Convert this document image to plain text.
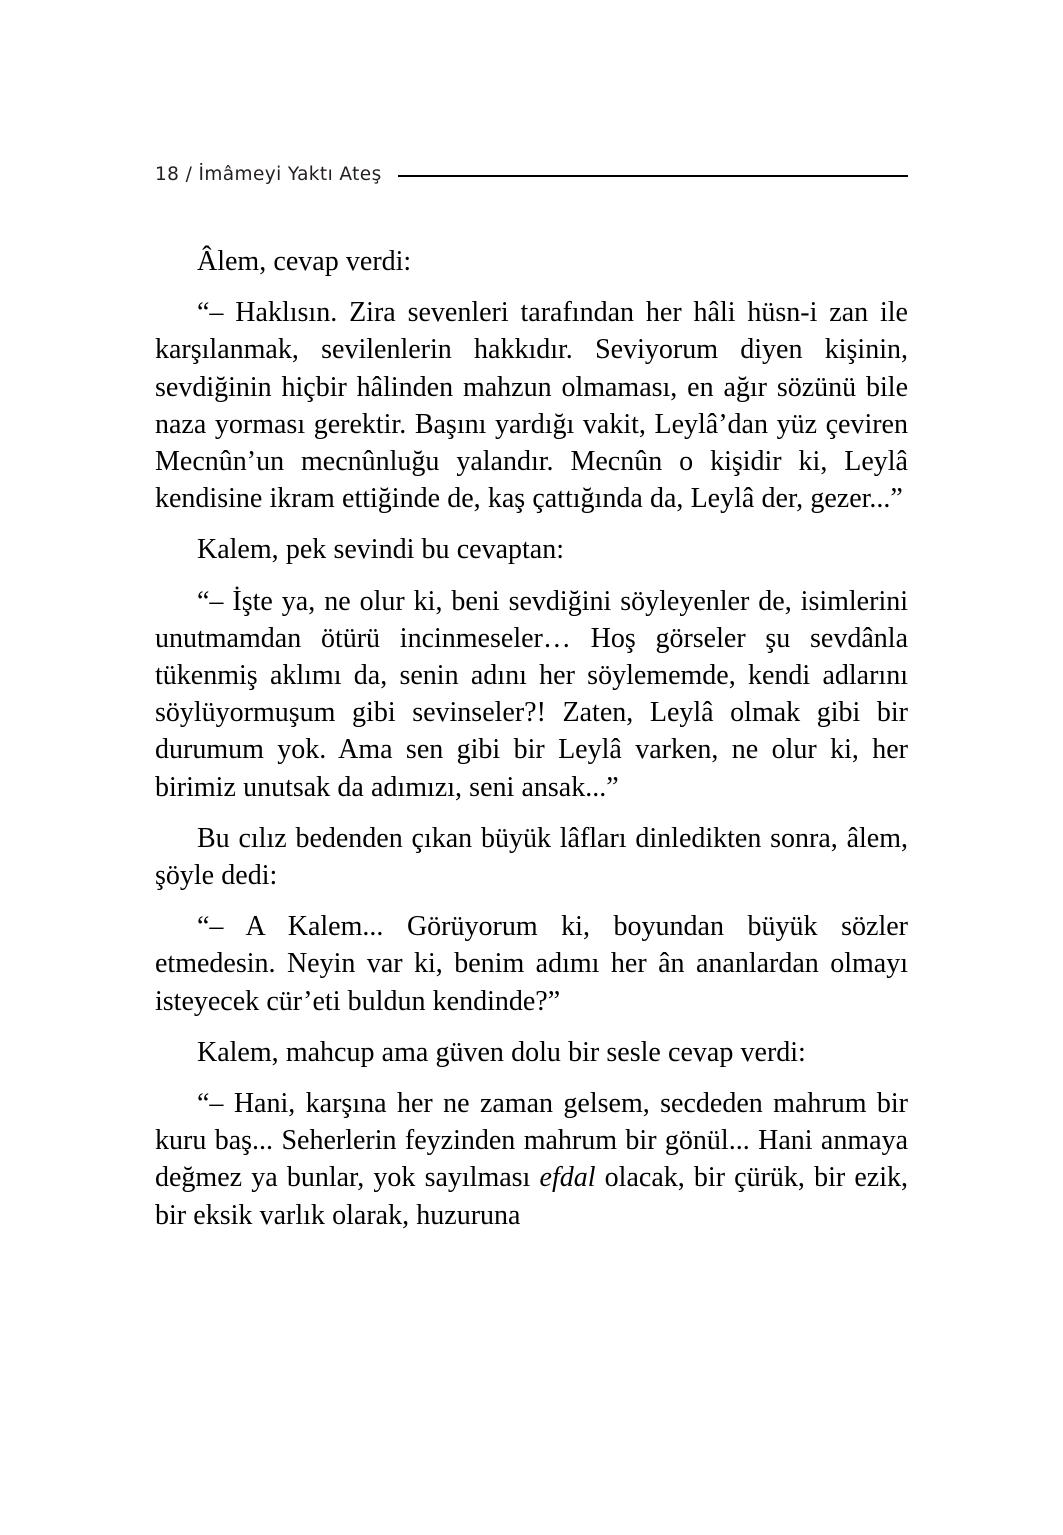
18 / İmâmeyi Yaktı Ateş

Âlem, cevap verdi:

“– Haklısın. Zira sevenleri tarafından her hâli hüsn-i zan ile karşılanmak, sevilenlerin hakkıdır. Seviyorum diyen kişinin, sevdiğinin hiçbir hâlinden mahzun olmaması, en ağır sözünü bile naza yorması gerektir. Başını yardığı vakit, Leylâ’dan yüz çeviren Mecnûn’un mecnûnluğu yalandır. Mecnûn o kişidir ki, Leylâ kendisine ikram ettiğinde de, kaş çattığında da, Leylâ der, gezer...”

Kalem, pek sevindi bu cevaptan:

“– İşte ya, ne olur ki, beni sevdiğini söyleyenler de, isimlerini unutmamdan ötürü incinmeseler… Hoş görseler şu sevdânla tükenmiş aklımı da, senin adını her söylememde, kendi adlarını söylüyormuşum gibi sevinseler?! Zaten, Leylâ olmak gibi bir durumum yok. Ama sen gibi bir Leylâ varken, ne olur ki, her birimiz unutsak da adımızı, seni ansak...”

Bu cılız bedenden çıkan büyük lâfları dinledikten sonra, âlem, şöyle dedi:

“– A Kalem... Görüyorum ki, boyundan büyük sözler etmedesin. Neyin var ki, benim adımı her ân ananlardan olmayı isteyecek cür’eti buldun kendinde?”

Kalem, mahcup ama güven dolu bir sesle cevap verdi:

“– Hani, karşına her ne zaman gelsem, secdeden mahrum bir kuru baş... Seherlerin feyzinden mahrum bir gönül... Hani anmaya değmez ya bunlar, yok sayılması efdal olacak, bir çürük, bir ezik, bir eksik varlık olarak, huzuruna
